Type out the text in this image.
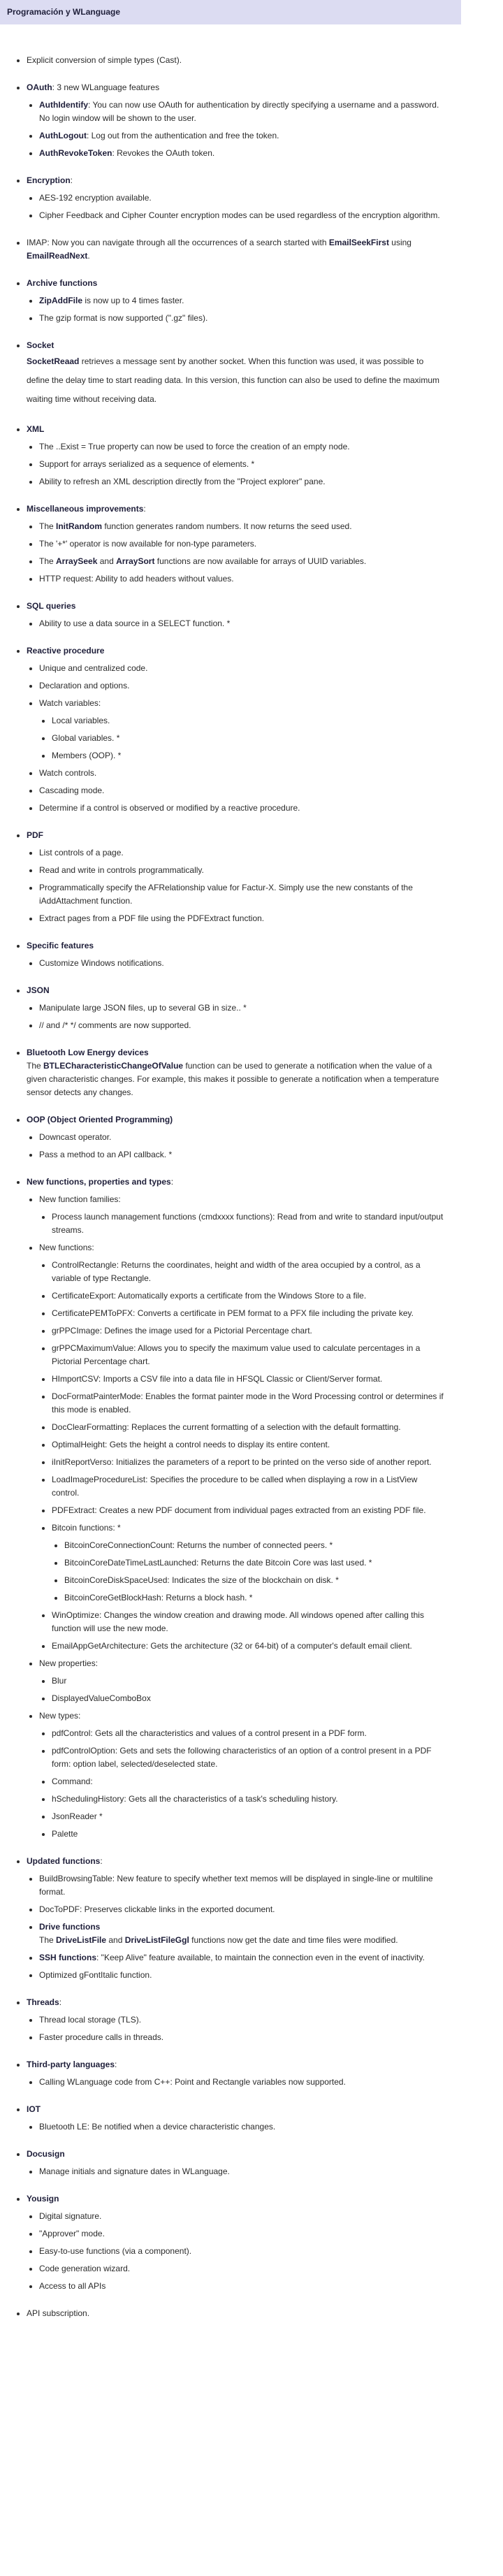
Programación y WLanguage
• Explicit conversion of simple types (Cast).
• OAuth: 3 new WLanguage features
• AuthIdentify: You can now use OAuth for authentication by directly specifying a username and a password. No login window will be shown to the user.
• AuthLogout: Log out from the authentication and free the token.
• AuthRevokeToken: Revokes the OAuth token.
• Encryption:
• AES-192 encryption available.
• Cipher Feedback and Cipher Counter encryption modes can be used regardless of the encryption algorithm.
• IMAP: Now you can navigate through all the occurrences of a search started with EmailSeekFirst using EmailReadNext.
• Archive functions
• ZipAddFile is now up to 4 times faster.
• The gzip format is now supported (".gz" files).
• Socket
SocketReaad retrieves a message sent by another socket. When this function was used, it was possible to define the delay time to start reading data. In this version, this function can also be used to define the maximum waiting time without receiving data.
• XML
• The ..Exist = True property can now be used to force the creation of an empty node.
• Support for arrays serialized as a sequence of elements. *
• Ability to refresh an XML description directly from the "Project explorer" pane.
• Miscellaneous improvements:
• The InitRandom function generates random numbers. It now returns the seed used.
• The '+*' operator is now available for non-type parameters.
• The ArraySeek and ArraySort functions are now available for arrays of UUID variables.
• HTTP request: Ability to add headers without values.
• SQL queries
• Ability to use a data source in a SELECT function. *
• Reactive procedure
• Unique and centralized code.
• Declaration and options.
• Watch variables:
• Local variables.
• Global variables. *
• Members (OOP). *
• Watch controls.
• Cascading mode.
• Determine if a control is observed or modified by a reactive procedure.
• PDF
• List controls of a page.
• Read and write in controls programmatically.
• Programmatically specify the AFRelationship value for Factur-X. Simply use the new constants of the iAddAttachment function.
• Extract pages from a PDF file using the PDFExtract function.
• Specific features
• Customize Windows notifications.
• JSON
• Manipulate large JSON files, up to several GB in size.. *
• // and /* */ comments are now supported.
• Bluetooth Low Energy devices
The BTLECharacteristicChangeOfValue function can be used to generate a notification when the value of a given characteristic changes. For example, this makes it possible to generate a notification when a temperature sensor detects any changes.
• OOP (Object Oriented Programming)
• Downcast operator.
• Pass a method to an API callback. *
• New functions, properties and types:
• New function families:
• Process launch management functions (cmdxxxx functions): Read from and write to standard input/output streams.
• New functions:
• ControlRectangle: Returns the coordinates, height and width of the area occupied by a control, as a variable of type Rectangle.
• CertificateExport: Automatically exports a certificate from the Windows Store to a file.
• CertificatePEMToPFX: Converts a certificate in PEM format to a PFX file including the private key.
• grPPCImage: Defines the image used for a Pictorial Percentage chart.
• grPPCMaximumValue: Allows you to specify the maximum value used to calculate percentages in a Pictorial Percentage chart.
• HImportCSV: Imports a CSV file into a data file in HFSQL Classic or Client/Server format.
• DocFormatPainterMode: Enables the format painter mode in the Word Processing control or determines if this mode is enabled.
• DocClearFormatting: Replaces the current formatting of a selection with the default formatting.
• OptimalHeight: Gets the height a control needs to display its entire content.
• iInitReportVerso: Initializes the parameters of a report to be printed on the verso side of another report.
• LoadImageProcedureList: Specifies the procedure to be called when displaying a row in a ListView control.
• PDFExtract: Creates a new PDF document from individual pages extracted from an existing PDF file.
• Bitcoin functions: *
• BitcoinCoreConnectionCount: Returns the number of connected peers. *
• BitcoinCoreDateTimeLastLaunched: Returns the date Bitcoin Core was last used. *
• BitcoinCoreDiskSpaceUsed: Indicates the size of the blockchain on disk. *
• BitcoinCoreGetBlockHash: Returns a block hash. *
• WinOptimize: Changes the window creation and drawing mode. All windows opened after calling this function will use the new mode.
• EmailAppGetArchitecture: Gets the architecture (32 or 64-bit) of a computer's default email client.
• New properties:
• Blur
• DisplayedValueComboBox
• New types:
• pdfControl: Gets all the characteristics and values of a control present in a PDF form.
• pdfControlOption: Gets and sets the following characteristics of an option of a control present in a PDF form: option label, selected/deselected state.
• Command:
• hSchedulingHistory: Gets all the characteristics of a task's scheduling history.
• JsonReader *
• Palette
• Updated functions:
• BuildBrowsingTable: New feature to specify whether text memos will be displayed in single-line or multiline format.
• DocToPDF: Preserves clickable links in the exported document.
• Drive functions
The DriveListFile and DriveListFileGgl functions now get the date and time files were modified.
• SSH functions: "Keep Alive" feature available, to maintain the connection even in the event of inactivity.
• Optimized gFontItalic function.
• Threads:
• Thread local storage (TLS).
• Faster procedure calls in threads.
• Third-party languages:
• Calling WLanguage code from C++: Point and Rectangle variables now supported.
• IOT
• Bluetooth LE: Be notified when a device characteristic changes.
• Docusign
• Manage initials and signature dates in WLanguage.
• Yousign
• Digital signature.
• "Approver" mode.
• Easy-to-use functions (via a component).
• Code generation wizard.
• Access to all APIs
• API subscription.
